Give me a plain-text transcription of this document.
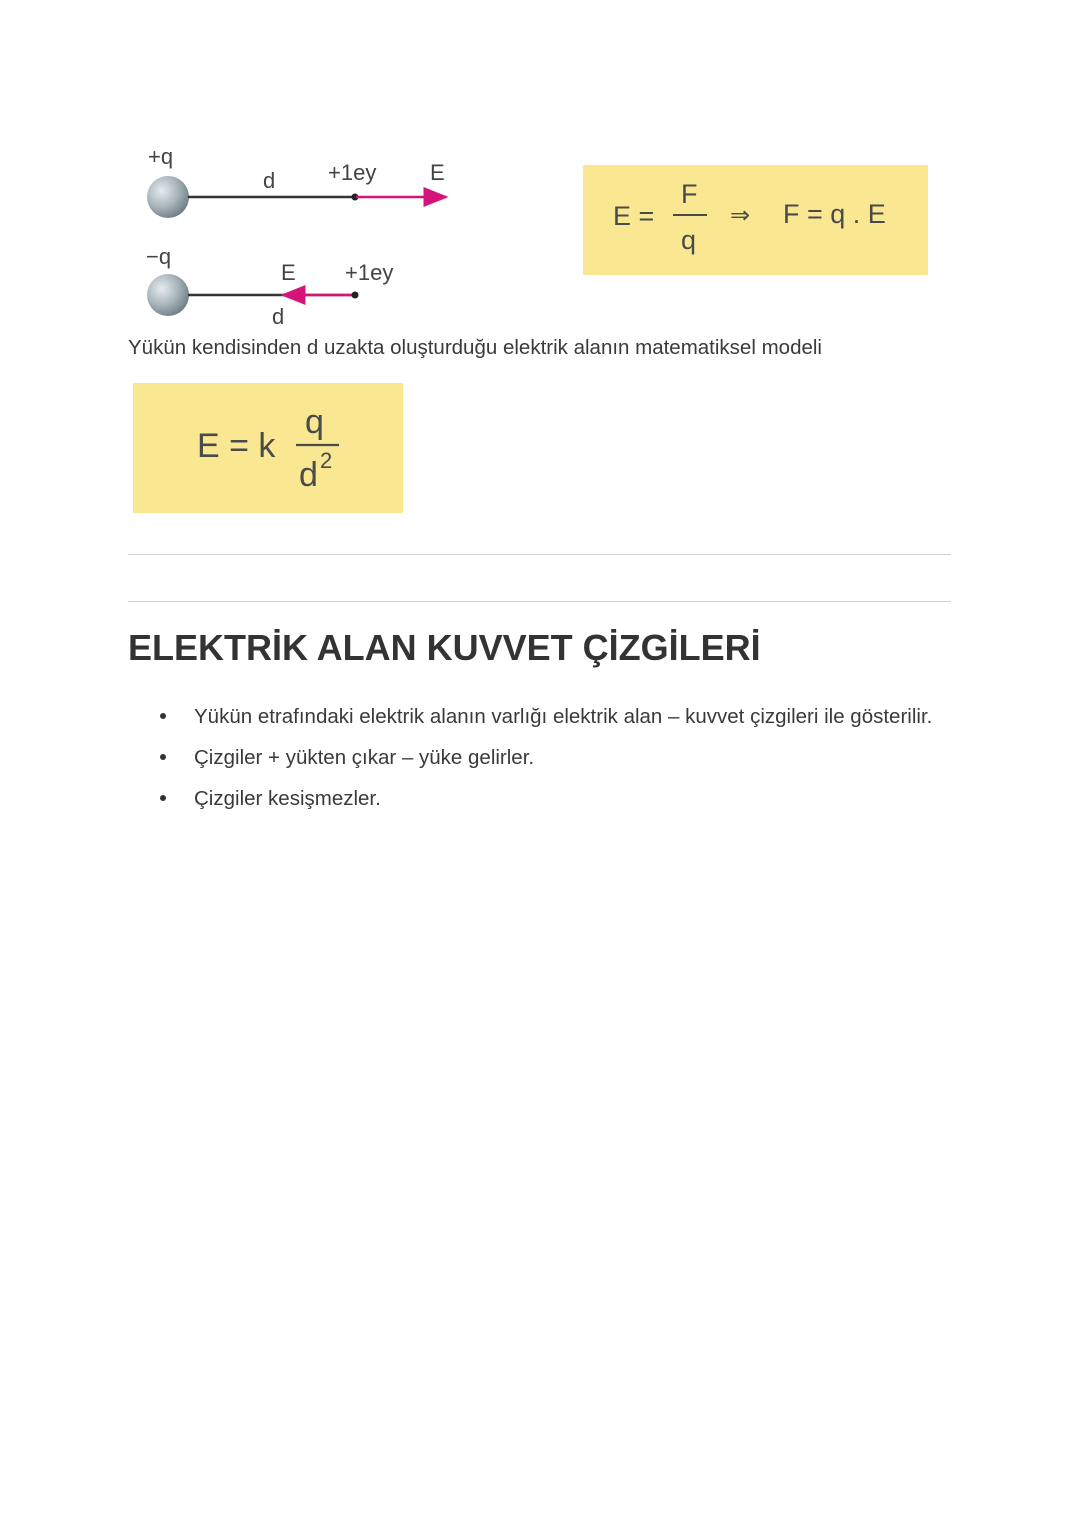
+q
d +1ey E
−q
E +1ey
d
E =
F
q
⇒ F = q . E
Yükün kendisinden d uzakta oluşturduğu elektrik alanın matematiksel modeli
E = k
q
d 2
ELEKTRİK ALAN KUVVET ÇİZGİLERİ
Yükün etrafındaki elektrik alanın varlığı elektrik alan – kuvvet çizgileri ile gösterilir.
Çizgiler + yükten çıkar – yüke gelirler.
Çizgiler kesişmezler.
